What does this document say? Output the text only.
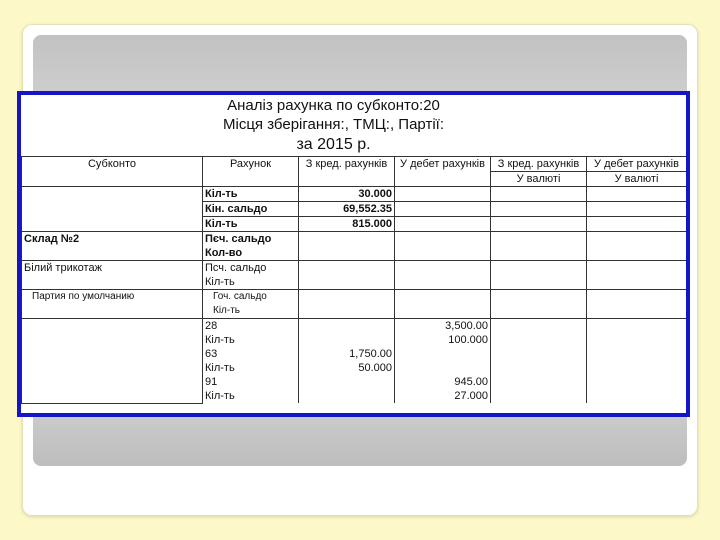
Аналіз рахунка по субконто:20
Місця зберігання:, ТМЦ:, Партії:
за 2015 р.
Субконто	Рахунок	З кред. рахунків	У дебет рахунків	З кред. рахунків	У дебет рахунків
				У валюті	У валюті
	Кіл-ть	30.000			
	Кін. сальдо	69,552.35			
	Кіл-ть	815.000			
Склад №2	Пєч. сальдо				
	Кол-во				
Білий трикотаж	Псч. сальдо				
	Кіл-ть				
Партия по умолчанию	Гоч. сальдо				
	Кіл-ть				
	28		3,500.00		
	Кіл-ть		100.000		
	63	1,750.00			
	Кіл-ть	50.000			
	91		945.00		
	Кіл-ть		27.000		
